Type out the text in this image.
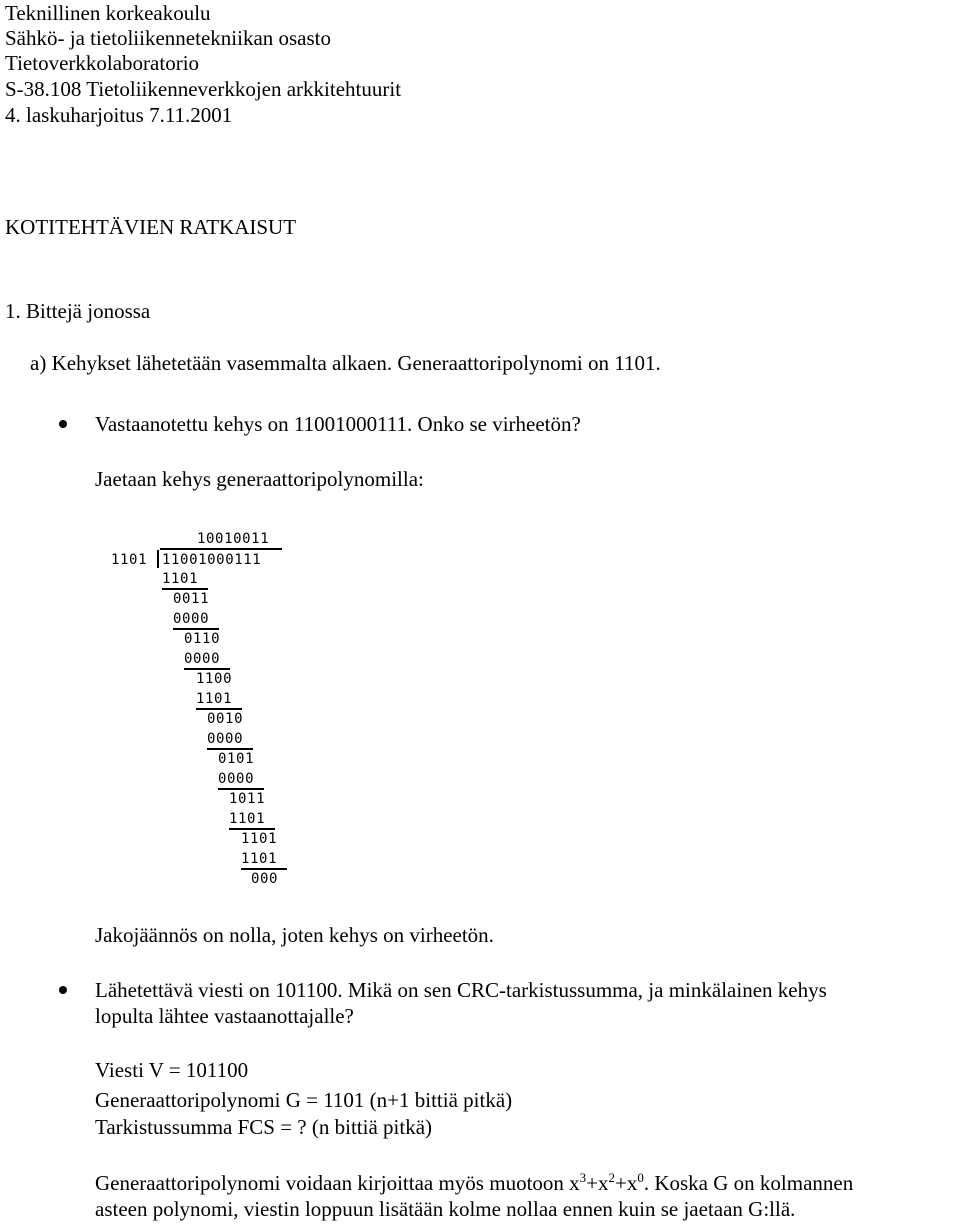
Teknillinen korkeakoulu
Sähkö- ja tietoliikennetekniikan osasto
Tietoverkkolaboratorio
S-38.108 Tietoliikenneverkkojen arkkitehtuurit
4. laskuharjoitus 7.11.2001
KOTITEHTÄVIEN RATKAISUT
1. Bittejä jonossa
a) Kehykset lähetetään vasemmalta alkaen. Generaattoripolynomi on 1101.
Vastaanotettu kehys on 11001000111. Onko se virheetön?
Jaetaan kehys generaattoripolynomilla:
10010011
1101 11001000111
1101
0011
0000
0110
0000
1100
1101
0010
0000
0101
0000
1011
1101
1101
1101
000
Jakojäännös on nolla, joten kehys on virheetön.
Lähetettävä viesti on 101100. Mikä on sen CRC-tarkistussumma, ja minkälainen kehys
lopulta lähtee vastaanottajalle?
Viesti V = 101100
Generaattoripolynomi G = 1101 (n+1 bittiä pitkä)
Tarkistussumma FCS = ? (n bittiä pitkä)
Generaattoripolynomi voidaan kirjoittaa myös muotoon $x^3+x^2+x^0$. Koska G on kolmannen
asteen polynomi, viestin loppuun lisätään kolme nollaa ennen kuin se jaetaan G:llä.
